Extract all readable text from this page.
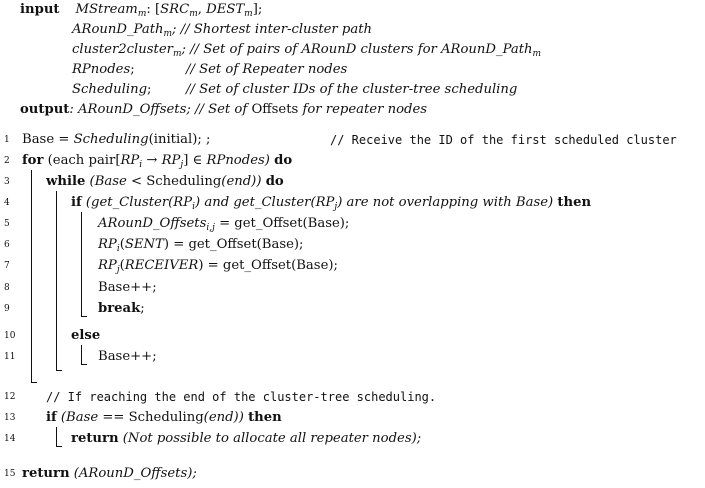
input MStream$_m$: [$SRC_m$, $DEST_m$];
ARounD_Path$_m$; // Shortest inter-cluster path
cluster2cluster$_m$; // Set of pairs of ARounD clusters for ARounD_Path$_m$
RPnodes;	// Set of Repeater nodes
Scheduling;	// Set of cluster IDs of the cluster-tree scheduling
output: ARounD_Offsets; // Set of Offsets for repeater nodes
1
2
3
4
5
6
7
8
9
10
11
12
13
14
15
Base = Scheduling(initial); ;	// Receive the ID of the first scheduled cluster
for (each $pair[RP_i \to RP_j]$ ∈ RPnodes) do
while (Base < Scheduling(end)) do
if ($get\_Cluster(RP_i)$ and $get\_Cluster(RP_j)$ are not overlapping with Base) then
ARounD_Offsets$_{i,j}$ = get_Offset(Base);
$RP_i(SENT)$ = get_Offset(Base);
$RP_j(RECEIVER)$ = get_Offset(Base);
Base++;
break;
else
Base++;
// If reaching the end of the cluster-tree scheduling.
if (Base == Scheduling(end)) then
return (Not possible to allocate all repeater nodes);
return (ARounD_Offsets);
